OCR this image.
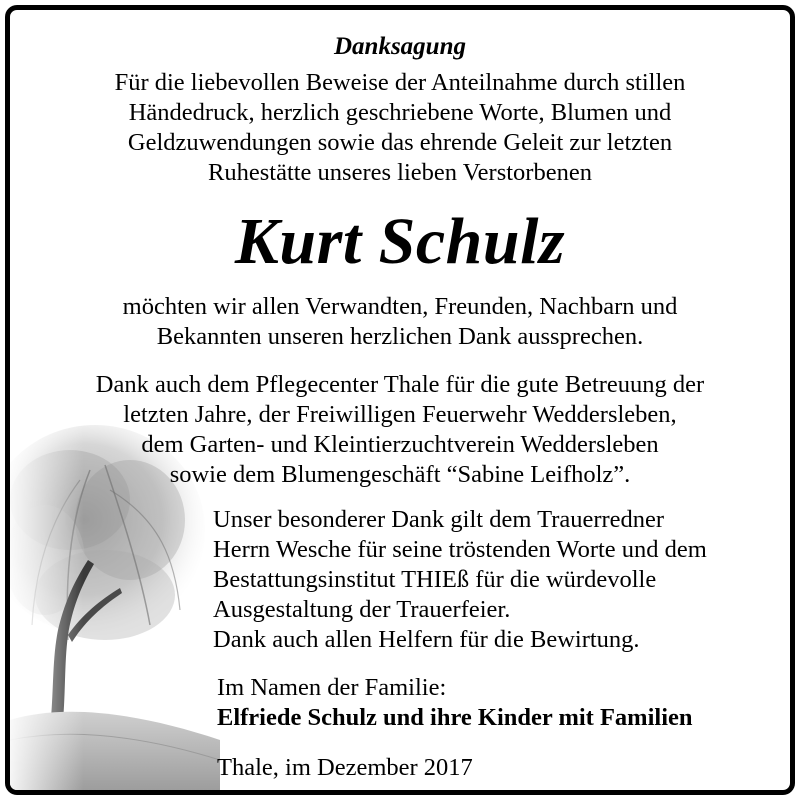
Danksagung
Für die liebevollen Beweise der Anteilnahme durch stillen
Händedruck, herzlich geschriebene Worte, Blumen und
Geldzuwendungen sowie das ehrende Geleit zur letzten
Ruhestätte unseres lieben Verstorbenen
Kurt Schulz
möchten wir allen Verwandten, Freunden, Nachbarn und
Bekannten unseren herzlichen Dank aussprechen.
Dank auch dem Pflegecenter Thale für die gute Betreuung der
letzten Jahre, der Freiwilligen Feuerwehr Weddersleben,
dem Garten- und Kleintierzuchtverein Weddersleben
sowie dem Blumengeschäft “Sabine Leifholz”.
Unser besonderer Dank gilt dem Trauerredner
Herrn Wesche für seine tröstenden Worte und dem
Bestattungsinstitut THIEß für die würdevolle
Ausgestaltung der Trauerfeier.
Dank auch allen Helfern für die Bewirtung.
Im Namen der Familie:
Elfriede Schulz und ihre Kinder mit Familien
Thale, im Dezember 2017
